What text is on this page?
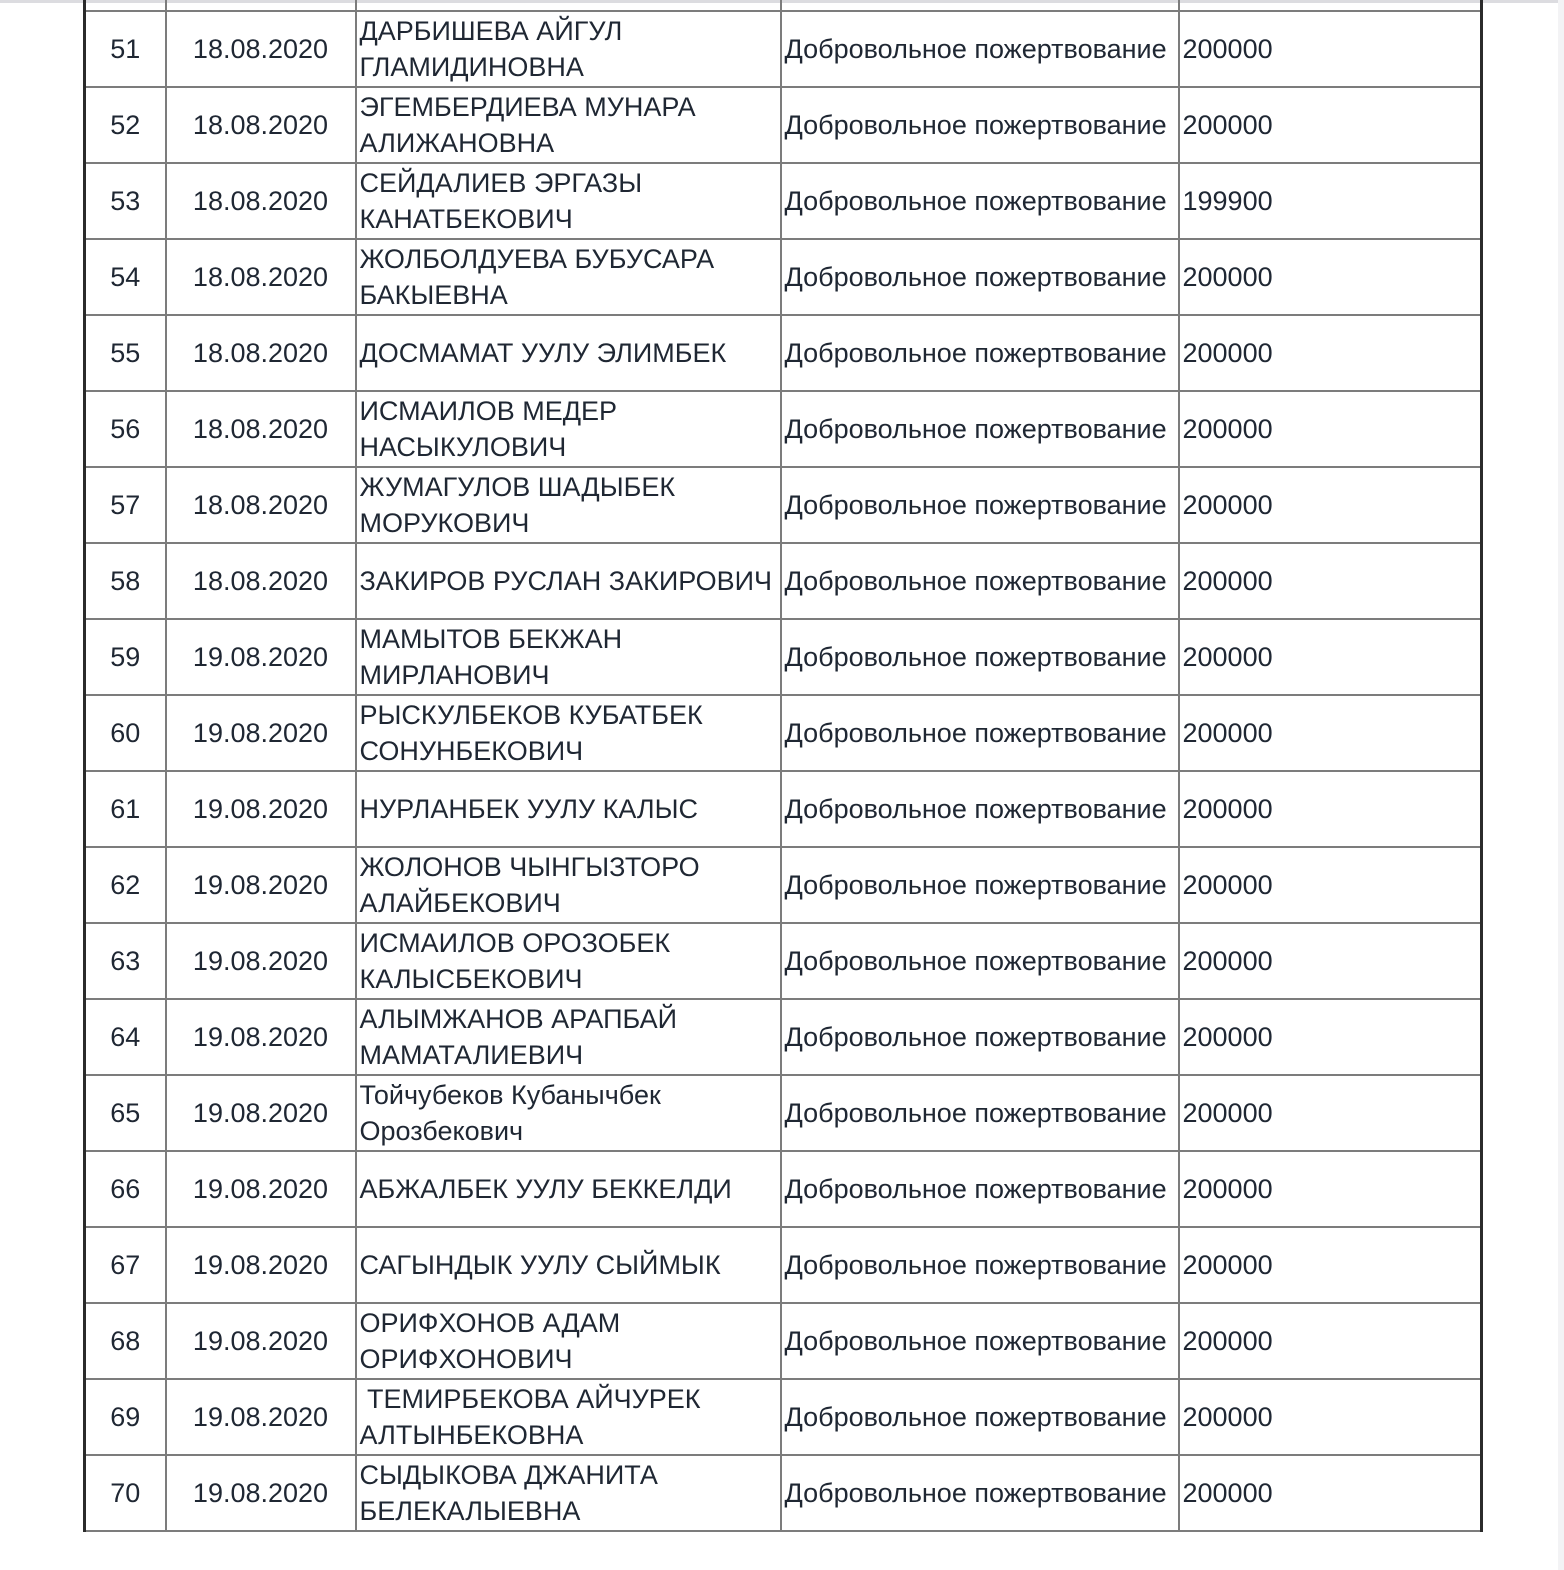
51	18.08.2020	ДАРБИШЕВА АЙГУЛ ГЛАМИДИНОВНА	Добровольное пожертвование	200000
52	18.08.2020	ЭГЕМБЕРДИЕВА МУНАРА АЛИЖАНОВНА	Добровольное пожертвование	200000
53	18.08.2020	СЕЙДАЛИЕВ ЭРГАЗЫ КАНАТБЕКОВИЧ	Добровольное пожертвование	199900
54	18.08.2020	ЖОЛБОЛДУЕВА БУБУСАРА БАКЫЕВНА	Добровольное пожертвование	200000
55	18.08.2020	ДОСМАМАТ УУЛУ ЭЛИМБЕК	Добровольное пожертвование	200000
56	18.08.2020	ИСМАИЛОВ МЕДЕР НАСЫКУЛОВИЧ	Добровольное пожертвование	200000
57	18.08.2020	ЖУМАГУЛОВ ШАДЫБЕК МОРУКОВИЧ	Добровольное пожертвование	200000
58	18.08.2020	ЗАКИРОВ РУСЛАН ЗАКИРОВИЧ	Добровольное пожертвование	200000
59	19.08.2020	МАМЫТОВ БЕКЖАН МИРЛАНОВИЧ	Добровольное пожертвование	200000
60	19.08.2020	РЫСКУЛБЕКОВ КУБАТБЕК СОНУНБЕКОВИЧ	Добровольное пожертвование	200000
61	19.08.2020	НУРЛАНБЕК УУЛУ КАЛЫС	Добровольное пожертвование	200000
62	19.08.2020	ЖОЛОНОВ ЧЫНГЫЗТОРО АЛАЙБЕКОВИЧ	Добровольное пожертвование	200000
63	19.08.2020	ИСМАИЛОВ ОРОЗОБЕК КАЛЫСБЕКОВИЧ	Добровольное пожертвование	200000
64	19.08.2020	АЛЫМЖАНОВ АРАПБАЙ МАМАТАЛИЕВИЧ	Добровольное пожертвование	200000
65	19.08.2020	Тойчубеков Кубанычбек Орозбекович	Добровольное пожертвование	200000
66	19.08.2020	АБЖАЛБЕК УУЛУ БЕККЕЛДИ	Добровольное пожертвование	200000
67	19.08.2020	САГЫНДЫК УУЛУ СЫЙМЫК	Добровольное пожертвование	200000
68	19.08.2020	ОРИФХОНОВ АДАМ ОРИФХОНОВИЧ	Добровольное пожертвование	200000
69	19.08.2020	ТЕМИРБЕКОВА АЙЧУРЕК АЛТЫНБЕКОВНА	Добровольное пожертвование	200000
70	19.08.2020	СЫДЫКОВА ДЖАНИТА БЕЛЕКАЛЫЕВНА	Добровольное пожертвование	200000
